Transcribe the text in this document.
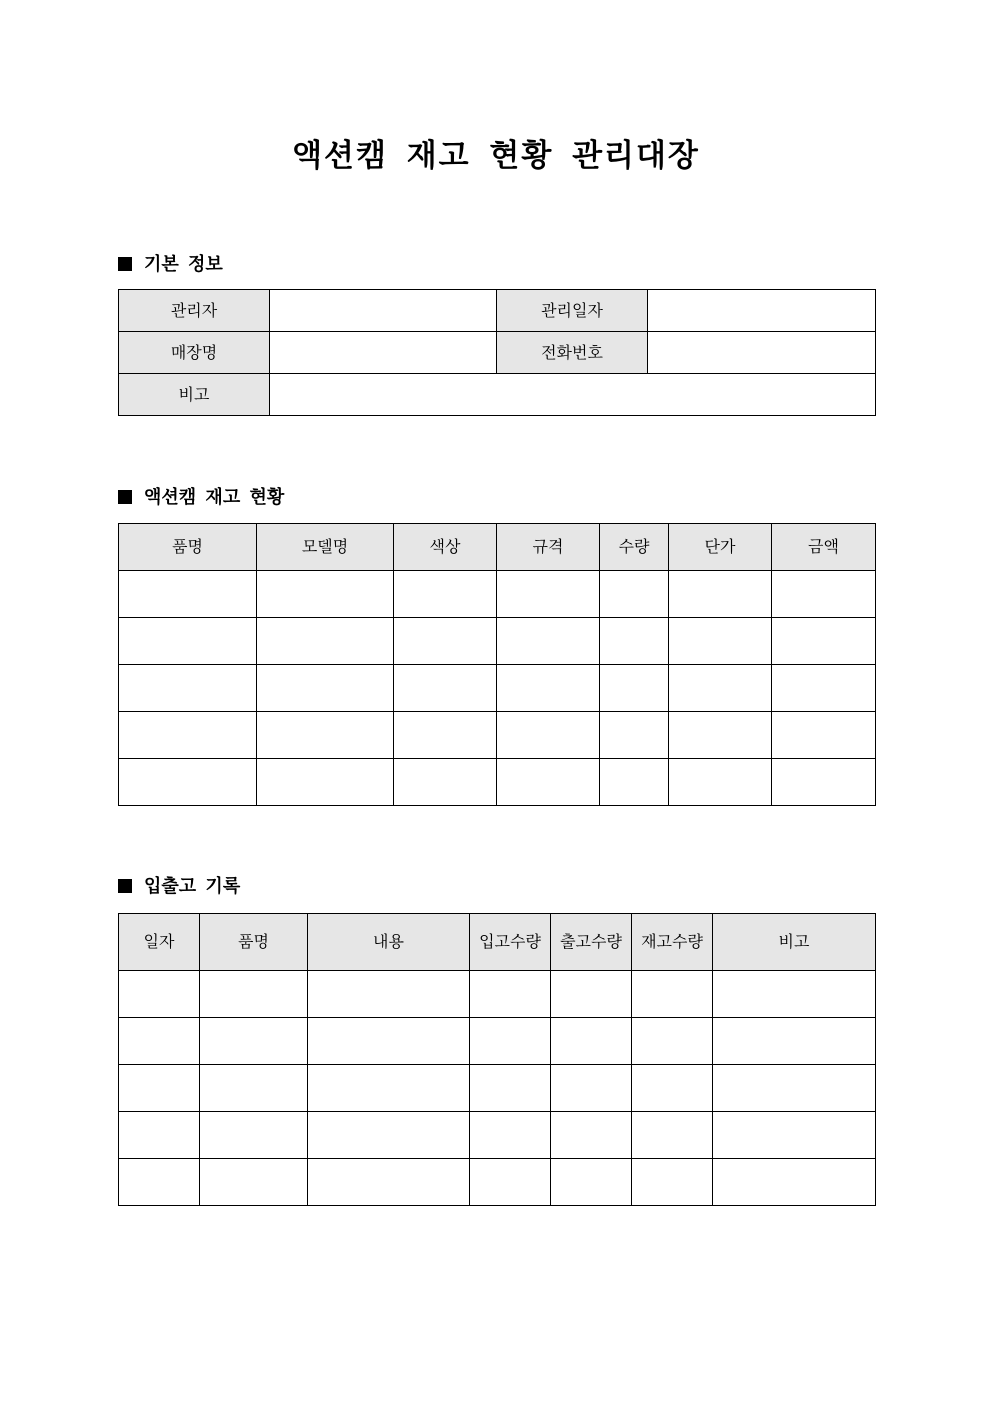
액션캠 재고 현황 관리대장
기본 정보
관리자		관리일자	
매장명		전화번호	
비고			
액션캠 재고 현황
품명	모델명	색상	규격	수량	단가	금액

입출고 기록
일자	품명	내용	입고수량	출고수량	재고수량	비고
